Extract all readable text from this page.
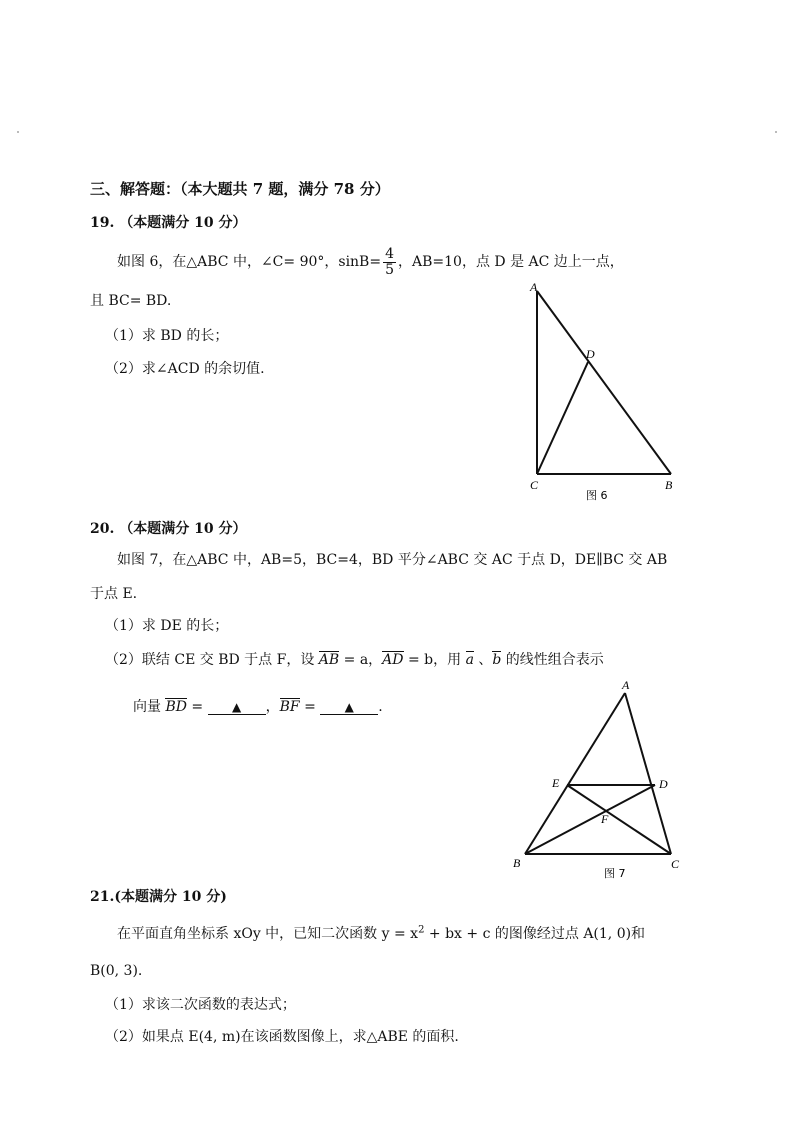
三、解答题：（本大题共 7 题，满分 78 分）
19. （本题满分 10 分）
如图 6，在△ABC 中，∠C= 90°，$\sin B= \frac{4}{5}$ ，AB=10，点 D 是 AC 边上一点，
且 BC= BD.
（1）求 BD 的长；
（2）求∠ACD 的余切值.
A
D
C	B
图 6
20. （本题满分 10 分）
如图 7，在△ABC 中，AB=5，BC=4，BD 平分∠ABC 交 AC 于点 D，DE∥BC 交 AB
于点 E.
（1）求 DE 的长；
（2）联结 CE 交 BD 于点 F，设 AB = a，AD = b，用 a 、b 的线性组合表示
向量 BD = ▲ ，BF = ▲ .
A
E	D
F
B	C
图 7
21.(本题满分 10 分)
在平面直角坐标系 xOy 中，已知二次函数 $y = x^2$ + bx + c 的图像经过点 A(1, 0)和
B(0, 3).
（1）求该二次函数的表达式；
（2）如果点 E(4, m)在该函数图像上，求△ABE 的面积.
